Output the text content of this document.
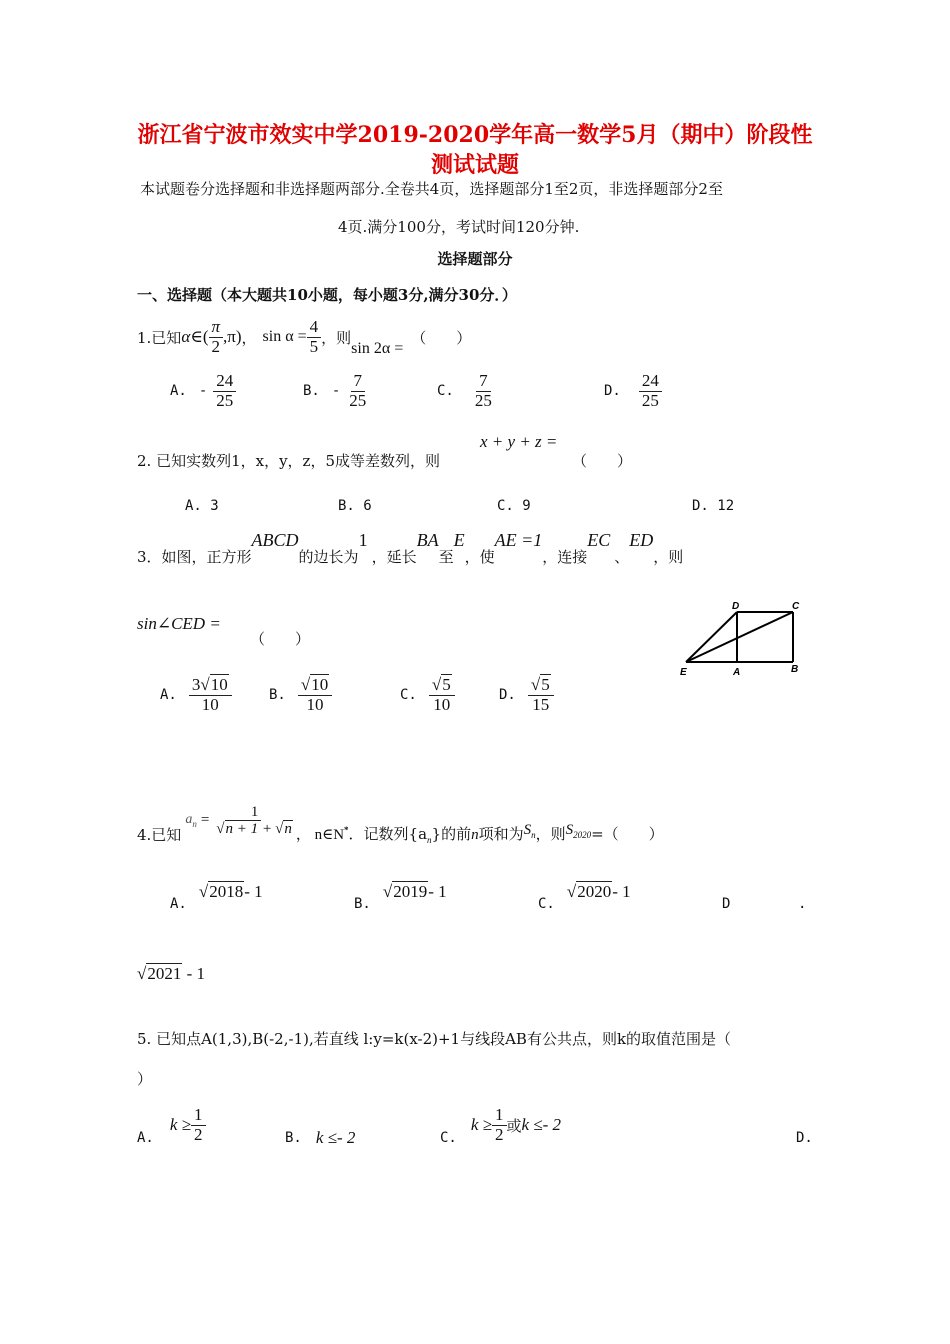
浙江省宁波市效实中学2019-2020学年高一数学5月（期中）阶段性
测试试题
本试题卷分选择题和非选择题两部分.全卷共4页，选择题部分1至2页，非选择题部分2至
4页.满分100分，考试时间120分钟.
选择题部分
一、选择题（本大题共10小题，每小题3分,满分30分．）
1.已知 α ∈( $\frac{\pi}{2} ,\pi$) ， $\sin \alpha = \frac{4}{5}$ ，则
sin 2α =
（　　）
A. - $\frac{24}{25}$	B. - $\frac{7}{25}$	C. $\frac{7}{25}$	D. $\frac{24}{25}$
2. 已知实数列1，x，y，z，5成等差数列，则
x + y + z =
（　　）
A. 3	B. 6	C. 9	D. 12
3．如图，正方形
ABCD
的边长为
1
，延长
BA
至
E
，使
AE =1
，连接
EC
、
ED
，则
sin∠CED =
（　　）
D	C
E	A	B
A. $\frac{3√10}{10}$	B. $\frac{√10}{10}$	C. $\frac{√5}{10}$	D. $\frac{√5}{15}$
4.已知
$a_n = \frac{1}{√n + 1 + √n}$ ， n∈N* ．记数列$\{a_n\}$的前n项和为 $S_n$ ，则 $S_{2020}$ =（　　）
A.
√2018 - 1
B.
√2019 - 1
C.
√2020 - 1
D	.
√2021 - 1
5. 已知点A(1,3),B(-2,-1),若直线 l:y=k(x-2)+1与线段AB有公共点，则k的取值范围是（
）
A.
$k \ge \frac{1}{2}$	B. k ≤- 2	C.
$k \ge \frac{1}{2}$ 或 k ≤- 2
D.
